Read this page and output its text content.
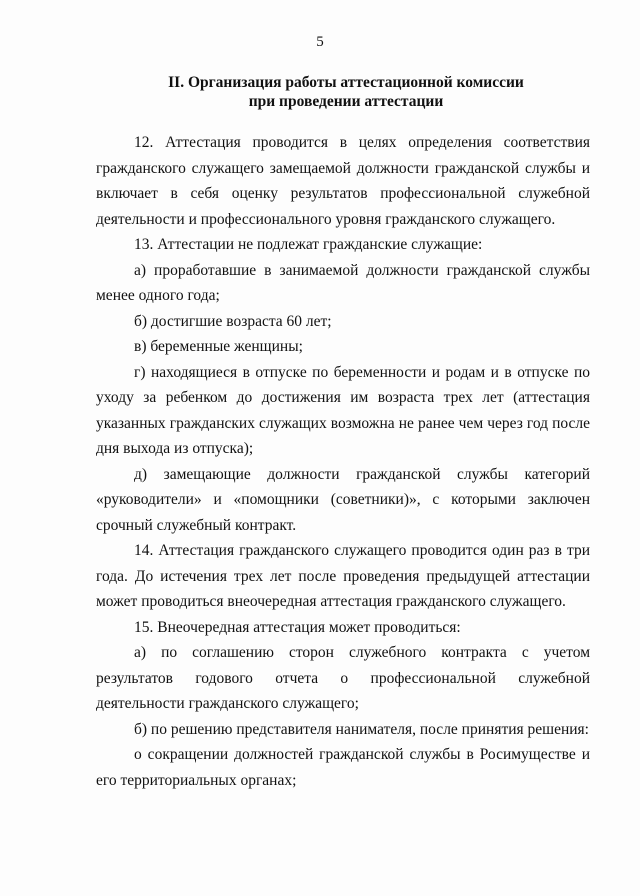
5
II. Организация работы аттестационной комиссии
при проведении аттестации

12. Аттестация проводится в целях определения соответствия гражданского служащего замещаемой должности гражданской службы и включает в себя оценку результатов профессиональной служебной деятельности и профессионального уровня гражданского служащего.

13. Аттестации не подлежат гражданские служащие:

а) проработавшие в занимаемой должности гражданской службы менее одного года;

б) достигшие возраста 60 лет;

в) беременные женщины;

г) находящиеся в отпуске по беременности и родам и в отпуске по уходу за ребенком до достижения им возраста трех лет (аттестация указанных гражданских служащих возможна не ранее чем через год после дня выхода из отпуска);

д) замещающие должности гражданской службы категорий «руководители» и «помощники (советники)», с которыми заключен срочный служебный контракт.

14. Аттестация гражданского служащего проводится один раз в три года. До истечения трех лет после проведения предыдущей аттестации может проводиться внеочередная аттестация гражданского служащего.

15. Внеочередная аттестация может проводиться:

а) по соглашению сторон служебного контракта с учетом результатов годового отчета о профессиональной служебной деятельности гражданского служащего;

б) по решению представителя нанимателя, после принятия решения:

о сокращении должностей гражданской службы в Росимуществе и его территориальных органах;
